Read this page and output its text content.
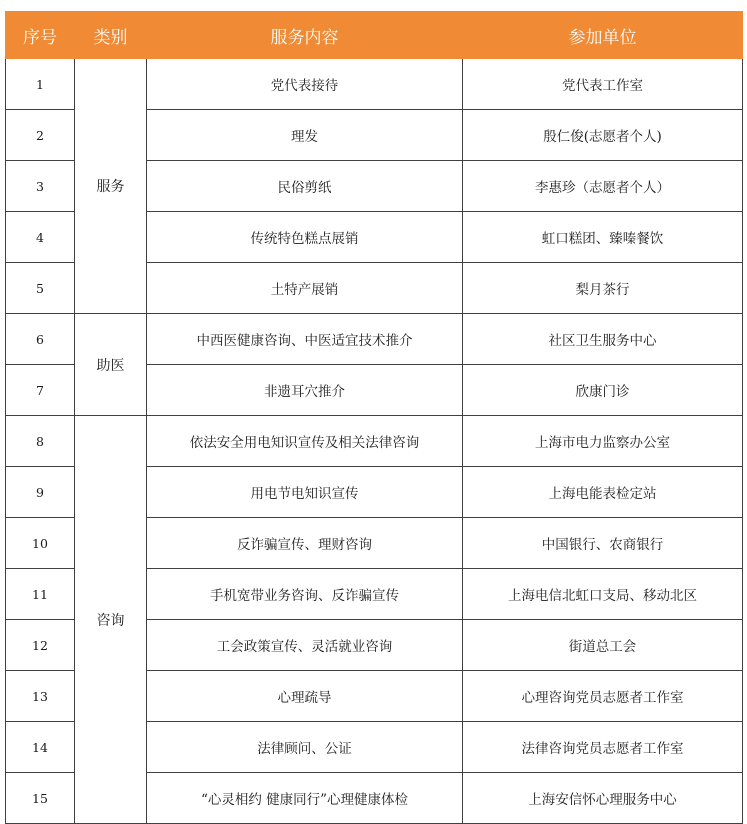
序号	类别	服务内容	参加单位
1	服务	党代表接待	党代表工作室
2		理发	殷仁俊(志愿者个人)
3		民俗剪纸	李惠珍（志愿者个人）
4		传统特色糕点展销	虹口糕团、臻嗪餐饮
5		土特产展销	梨月茶行
6	助医	中西医健康咨询、中医适宜技术推介	社区卫生服务中心
7		非遗耳穴推介	欣康门诊
8	咨询	依法安全用电知识宣传及相关法律咨询	上海市电力监察办公室
9		用电节电知识宣传	上海电能表检定站
10		反诈骗宣传、理财咨询	中国银行、农商银行
11		手机宽带业务咨询、反诈骗宣传	上海电信北虹口支局、移动北区
12		工会政策宣传、灵活就业咨询	街道总工会
13		心理疏导	心理咨询党员志愿者工作室
14		法律顾问、公证	法律咨询党员志愿者工作室
15		“心灵相约 健康同行”心理健康体检	上海安信怀心理服务中心
